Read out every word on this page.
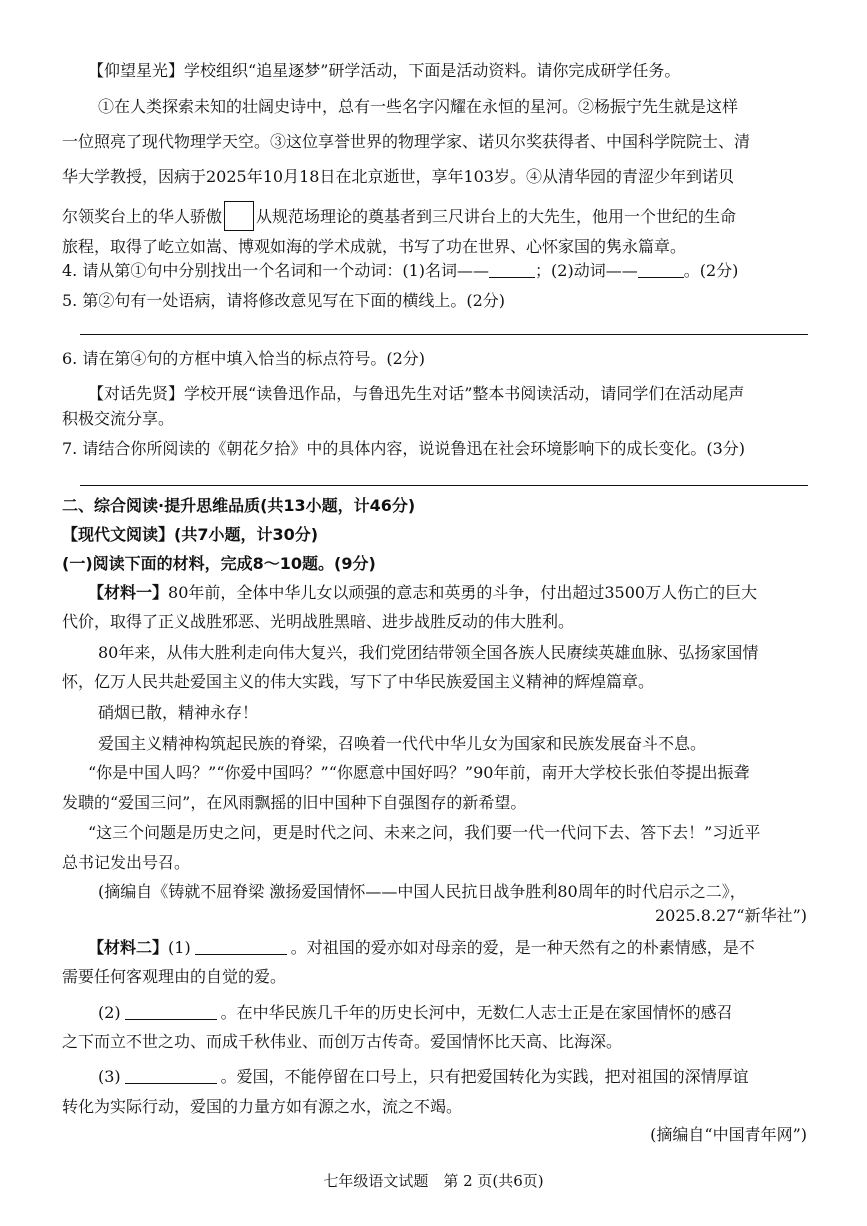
【仰望星光】学校组织“追星逐梦”研学活动，下面是活动资料。请你完成研学任务。
①在人类探索未知的壮阔史诗中，总有一些名字闪耀在永恒的星河。②杨振宁先生就是这样
一位照亮了现代物理学天空。③这位享誉世界的物理学家、诺贝尔奖获得者、中国科学院院士、清
华大学教授，因病于2025年10月18日在北京逝世，享年103岁。④从清华园的青涩少年到诺贝
尔领奖台上的华人骄傲 从规范场理论的奠基者到三尺讲台上的大先生，他用一个世纪的生命
旅程，取得了屹立如嵩、博观如海的学术成就，书写了功在世界、心怀家国的隽永篇章。
4. 请从第①句中分别找出一个名词和一个动词：(1)名词——	；(2)动词——	。(2分)
5. 第②句有一处语病，请将修改意见写在下面的横线上。(2分)
6. 请在第④句的方框中填入恰当的标点符号。(2分)
【对话先贤】学校开展“读鲁迅作品，与鲁迅先生对话”整本书阅读活动，请同学们在活动尾声
积极交流分享。
7. 请结合你所阅读的《朝花夕拾》中的具体内容，说说鲁迅在社会环境影响下的成长变化。(3分)
二、综合阅读·提升思维品质(共13小题，计46分)
【现代文阅读】(共7小题，计30分)
(一)阅读下面的材料，完成8～10题。(9分)
【材料一】80年前，全体中华儿女以顽强的意志和英勇的斗争，付出超过3500万人伤亡的巨大
代价，取得了正义战胜邪恶、光明战胜黑暗、进步战胜反动的伟大胜利。
80年来，从伟大胜利走向伟大复兴，我们党团结带领全国各族人民赓续英雄血脉、弘扬家国情
怀，亿万人民共赴爱国主义的伟大实践，写下了中华民族爱国主义精神的辉煌篇章。
硝烟已散，精神永存！
爱国主义精神构筑起民族的脊梁，召唤着一代代中华儿女为国家和民族发展奋斗不息。
“你是中国人吗？”“你爱中国吗？”“你愿意中国好吗？”90年前，南开大学校长张伯苓提出振聋
发聩的“爱国三问”，在风雨飘摇的旧中国种下自强图存的新希望。
“这三个问题是历史之问，更是时代之问、未来之问，我们要一代一代问下去、答下去！”习近平
总书记发出号召。
(摘编自《铸就不屈脊梁 激扬爱国情怀——中国人民抗日战争胜利80周年的时代启示之二》，
2025.8.27“新华社”)
【材料二】(1)	。对祖国的爱亦如对母亲的爱，是一种天然有之的朴素情感，是不
需要任何客观理由的自觉的爱。
(2)	。在中华民族几千年的历史长河中，无数仁人志士正是在家国情怀的感召
之下而立不世之功、而成千秋伟业、而创万古传奇。爱国情怀比天高、比海深。
(3)	。爱国，不能停留在口号上，只有把爱国转化为实践，把对祖国的深情厚谊
转化为实际行动，爱国的力量方如有源之水，流之不竭。
(摘编自“中国青年网”)
七年级语文试题　第 2 页(共6页)
